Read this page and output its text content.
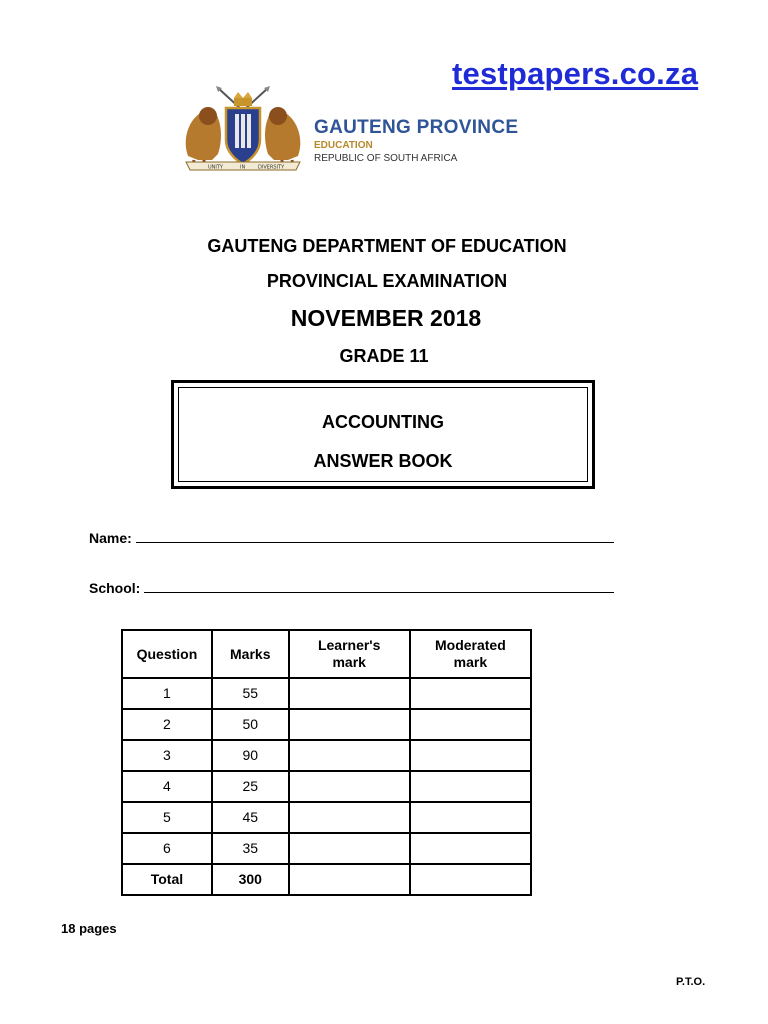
testpapers.co.za
UNITY	IN	DIVERSITY
GAUTENG PROVINCE
EDUCATION
REPUBLIC OF SOUTH AFRICA
GAUTENG DEPARTMENT OF EDUCATION
PROVINCIAL EXAMINATION
NOVEMBER 2018
GRADE 11
ACCOUNTING
ANSWER BOOK
Name:
School:
Question	Marks	Learner's mark	Moderated mark

1	55		
2	50		
3	90		
4	25		
5	45		
6	35		
Total	300		
18 pages
P.T.O.
